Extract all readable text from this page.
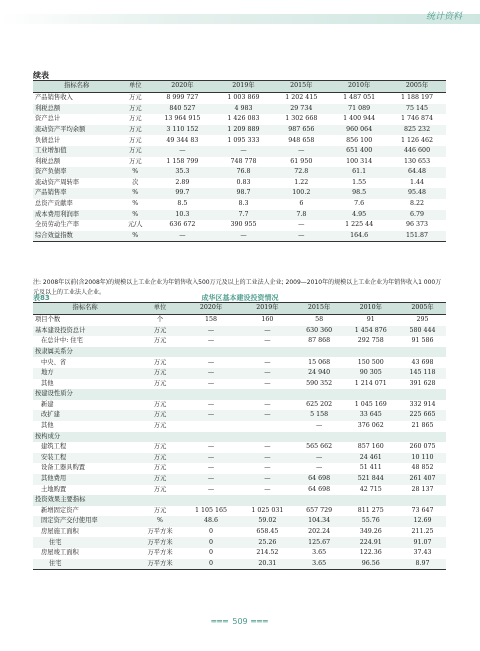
统计资料
续表
指标名称	单位	2020年	2019年	2015年	2010年	2005年
产品销售收入	万元	8 999 727	1 003 869	1 202 415	1 487 051	1 188 197
利税总额	万元	840 527	4 983	29 734	71 089	75 145
资产总计	万元	13 964 915	1 426 083	1 302 668	1 400 944	1 746 874
流动资产平均余额	万元	3 110 152	1 209 889	987 656	960 064	825 232
负债总计	万元	49 344 83	1 095 333	948 658	856 100	1 126 462
工业增加值	万元	—	—	—	651 400	446 600
利税总额	万元	1 158 799	748 778	61 950	100 314	130 653
资产负债率	%	35.3	76.8	72.8	61.1	64.48
流动资产周转率	次	2.89	0.83	1.22	1.55	1.44
产品销售率	%	99.7	98.7	100.2	98.5	95.48
总资产贡献率	%	8.5	8.3	6	7.6	8.22
成本费用利润率	%	10.3	7.7	7.8	4.95	6.79
全员劳动生产率	元/人	636 672	390 955	—	1 225 44	96 373
综合效益指数	%	—	—	—	164.6	151.87
注: 2008年以前(含2008年)的规模以上工业企业为年销售收入500万元及以上的工业法人企业; 2009—2010年的规模以上工业企业为年销售收入1 000万元及以上的工业法人企业。
表83	成华区基本建设投资情况
指标名称	单位	2020年	2019年	2015年	2010年	2005年
项目个数	个	158	160	58	91	295
基本建设投资总计	万元	—	—	630 360	1 454 876	580 444
在总计中: 住宅	万元	—	—	87 868	292 758	91 586
按隶属关系分						
中央、省	万元	—	—	15 068	150 500	43 698
地方	万元	—	—	24 940	90 305	145 118
其他	万元	—	—	590 352	1 214 071	391 628
按建设性质分						
新建	万元	—	—	625 202	1 045 169	332 914
改扩建	万元	—	—	5 158	33 645	225 665
其他	万元			—	376 062	21 865
按构成分						
建筑工程	万元	—	—	565 662	857 160	260 075
安装工程	万元	—	—	—	24 461	10 110
设备工器具购置	万元	—	—	—	51 411	48 852
其他费用	万元	—	—	64 698	521 844	261 407
土地购置	万元	—	—	64 698	42 715	28 137
投资效果主要指标						
新增固定资产	万元	1 105 165	1 025 031	657 729	811 275	73 647
固定资产交付使用率	%	48.6	59.02	104.34	55.76	12.69
房屋施工面积	万平方米	0	658.45	202.24	349.26	211.25
住宅	万平方米	0	25.26	125.67	224.91	91.07
房屋竣工面积	万平方米	0	214.52	3.65	122.36	37.43
住宅	万平方米	0	20.31	3.65	96.56	8.97
═══ 509 ═══
